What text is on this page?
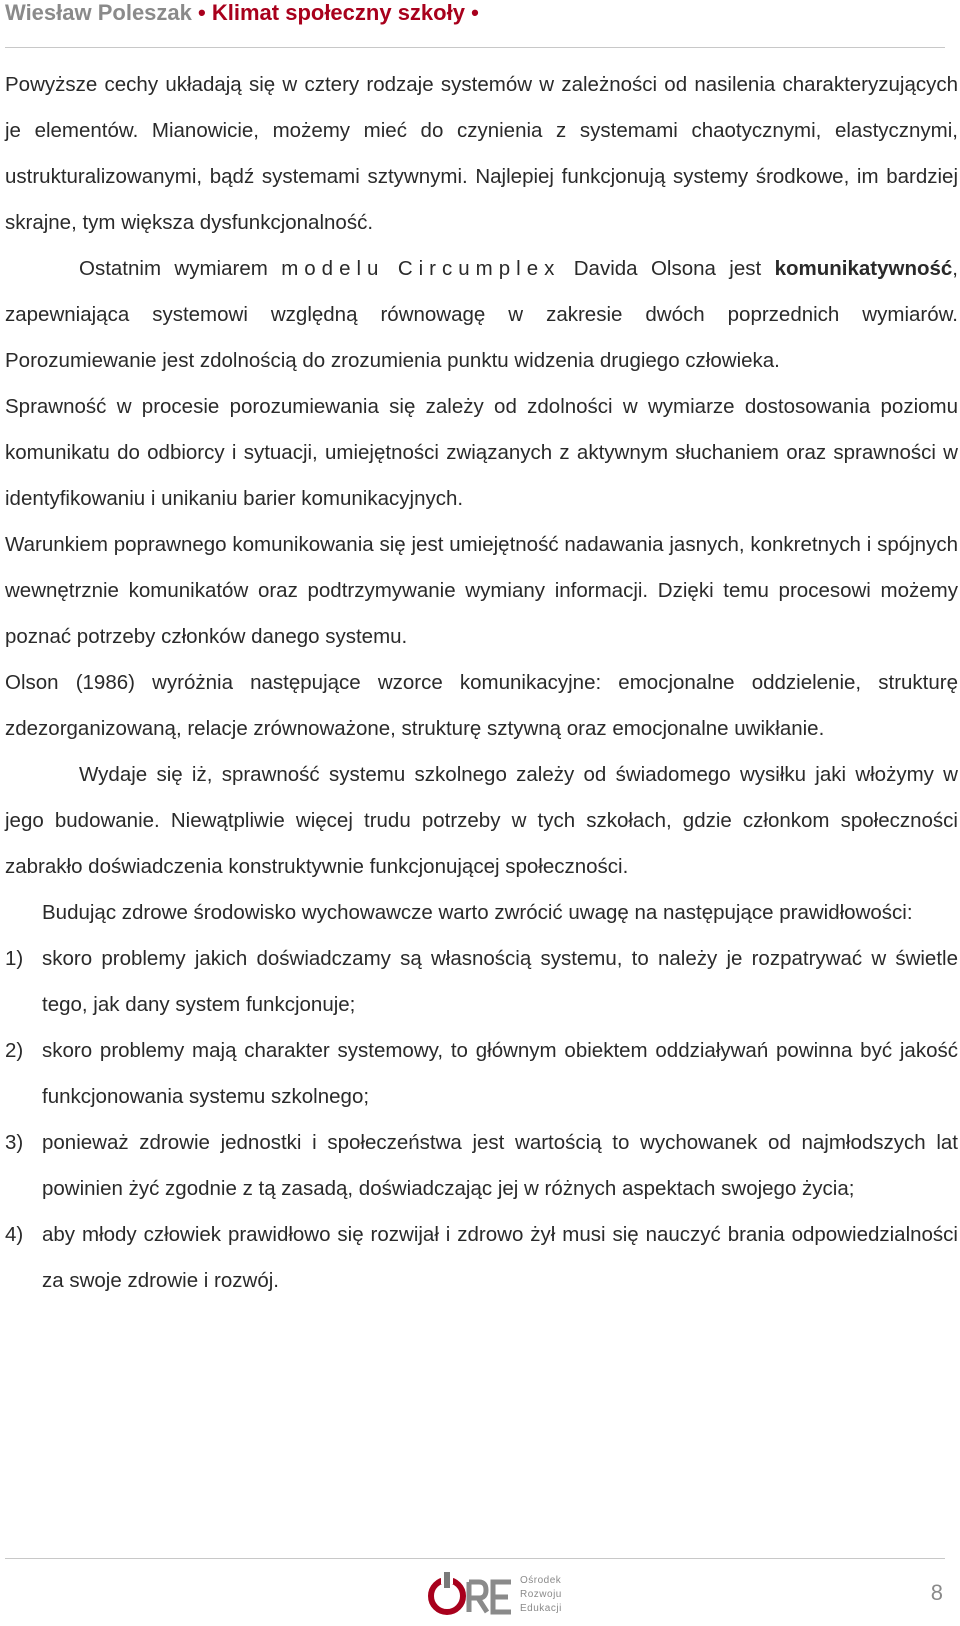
Wiesław Poleszak • Klimat społeczny szkoły •

Powyższe cechy układają się w cztery rodzaje systemów w zależności od nasilenia charakteryzujących je elementów. Mianowicie, możemy mieć do czynienia z systemami chaotycznymi, elastycznymi, ustrukturalizowanymi, bądź systemami sztywnymi. Najlepiej funkcjonują systemy środkowe, im bardziej skrajne, tym większa dysfunkcjonalność.

Ostatnim wymiarem modelu Circumplex Davida Olsona jest komunikatywność, zapewniająca systemowi względną równowagę w zakresie dwóch poprzednich wymiarów. Porozumiewanie jest zdolnością do zrozumienia punktu widzenia drugiego człowieka.

Sprawność w procesie porozumiewania się zależy od zdolności w wymiarze dostosowania poziomu komunikatu do odbiorcy i sytuacji, umiejętności związanych z aktywnym słuchaniem oraz sprawności w identyfikowaniu i unikaniu barier komunikacyjnych.

Warunkiem poprawnego komunikowania się jest umiejętność nadawania jasnych, konkretnych i spójnych wewnętrznie komunikatów oraz podtrzymywanie wymiany informacji. Dzięki temu procesowi możemy poznać potrzeby członków danego systemu.

Olson (1986) wyróżnia następujące wzorce komunikacyjne: emocjonalne oddzielenie, strukturę zdezorganizowaną, relacje zrównoważone, strukturę sztywną oraz emocjonalne uwikłanie.

Wydaje się iż, sprawność systemu szkolnego zależy od świadomego wysiłku jaki włożymy w jego budowanie. Niewątpliwie więcej trudu potrzeby w tych szkołach, gdzie członkom społeczności zabrakło doświadczenia konstruktywnie funkcjonującej społeczności.

Budując zdrowe środowisko wychowawcze warto zwrócić uwagę na następujące prawidłowości:

1) skoro problemy jakich doświadczamy są własnością systemu, to należy je rozpatrywać w świetle tego, jak dany system funkcjonuje;
2) skoro problemy mają charakter systemowy, to głównym obiektem oddziaływań powinna być jakość funkcjonowania systemu szkolnego;
3) ponieważ zdrowie jednostki i społeczeństwa jest wartością to wychowanek od najmłodszych lat powinien żyć zgodnie z tą zasadą, doświadczając jej w różnych aspektach swojego życia;
4) aby młody człowiek prawidłowo się rozwijał i zdrowo żył musi się nauczyć brania odpowiedzialności za swoje zdrowie i rozwój.
Ośrodek
Rozwoju
Edukacji
8
